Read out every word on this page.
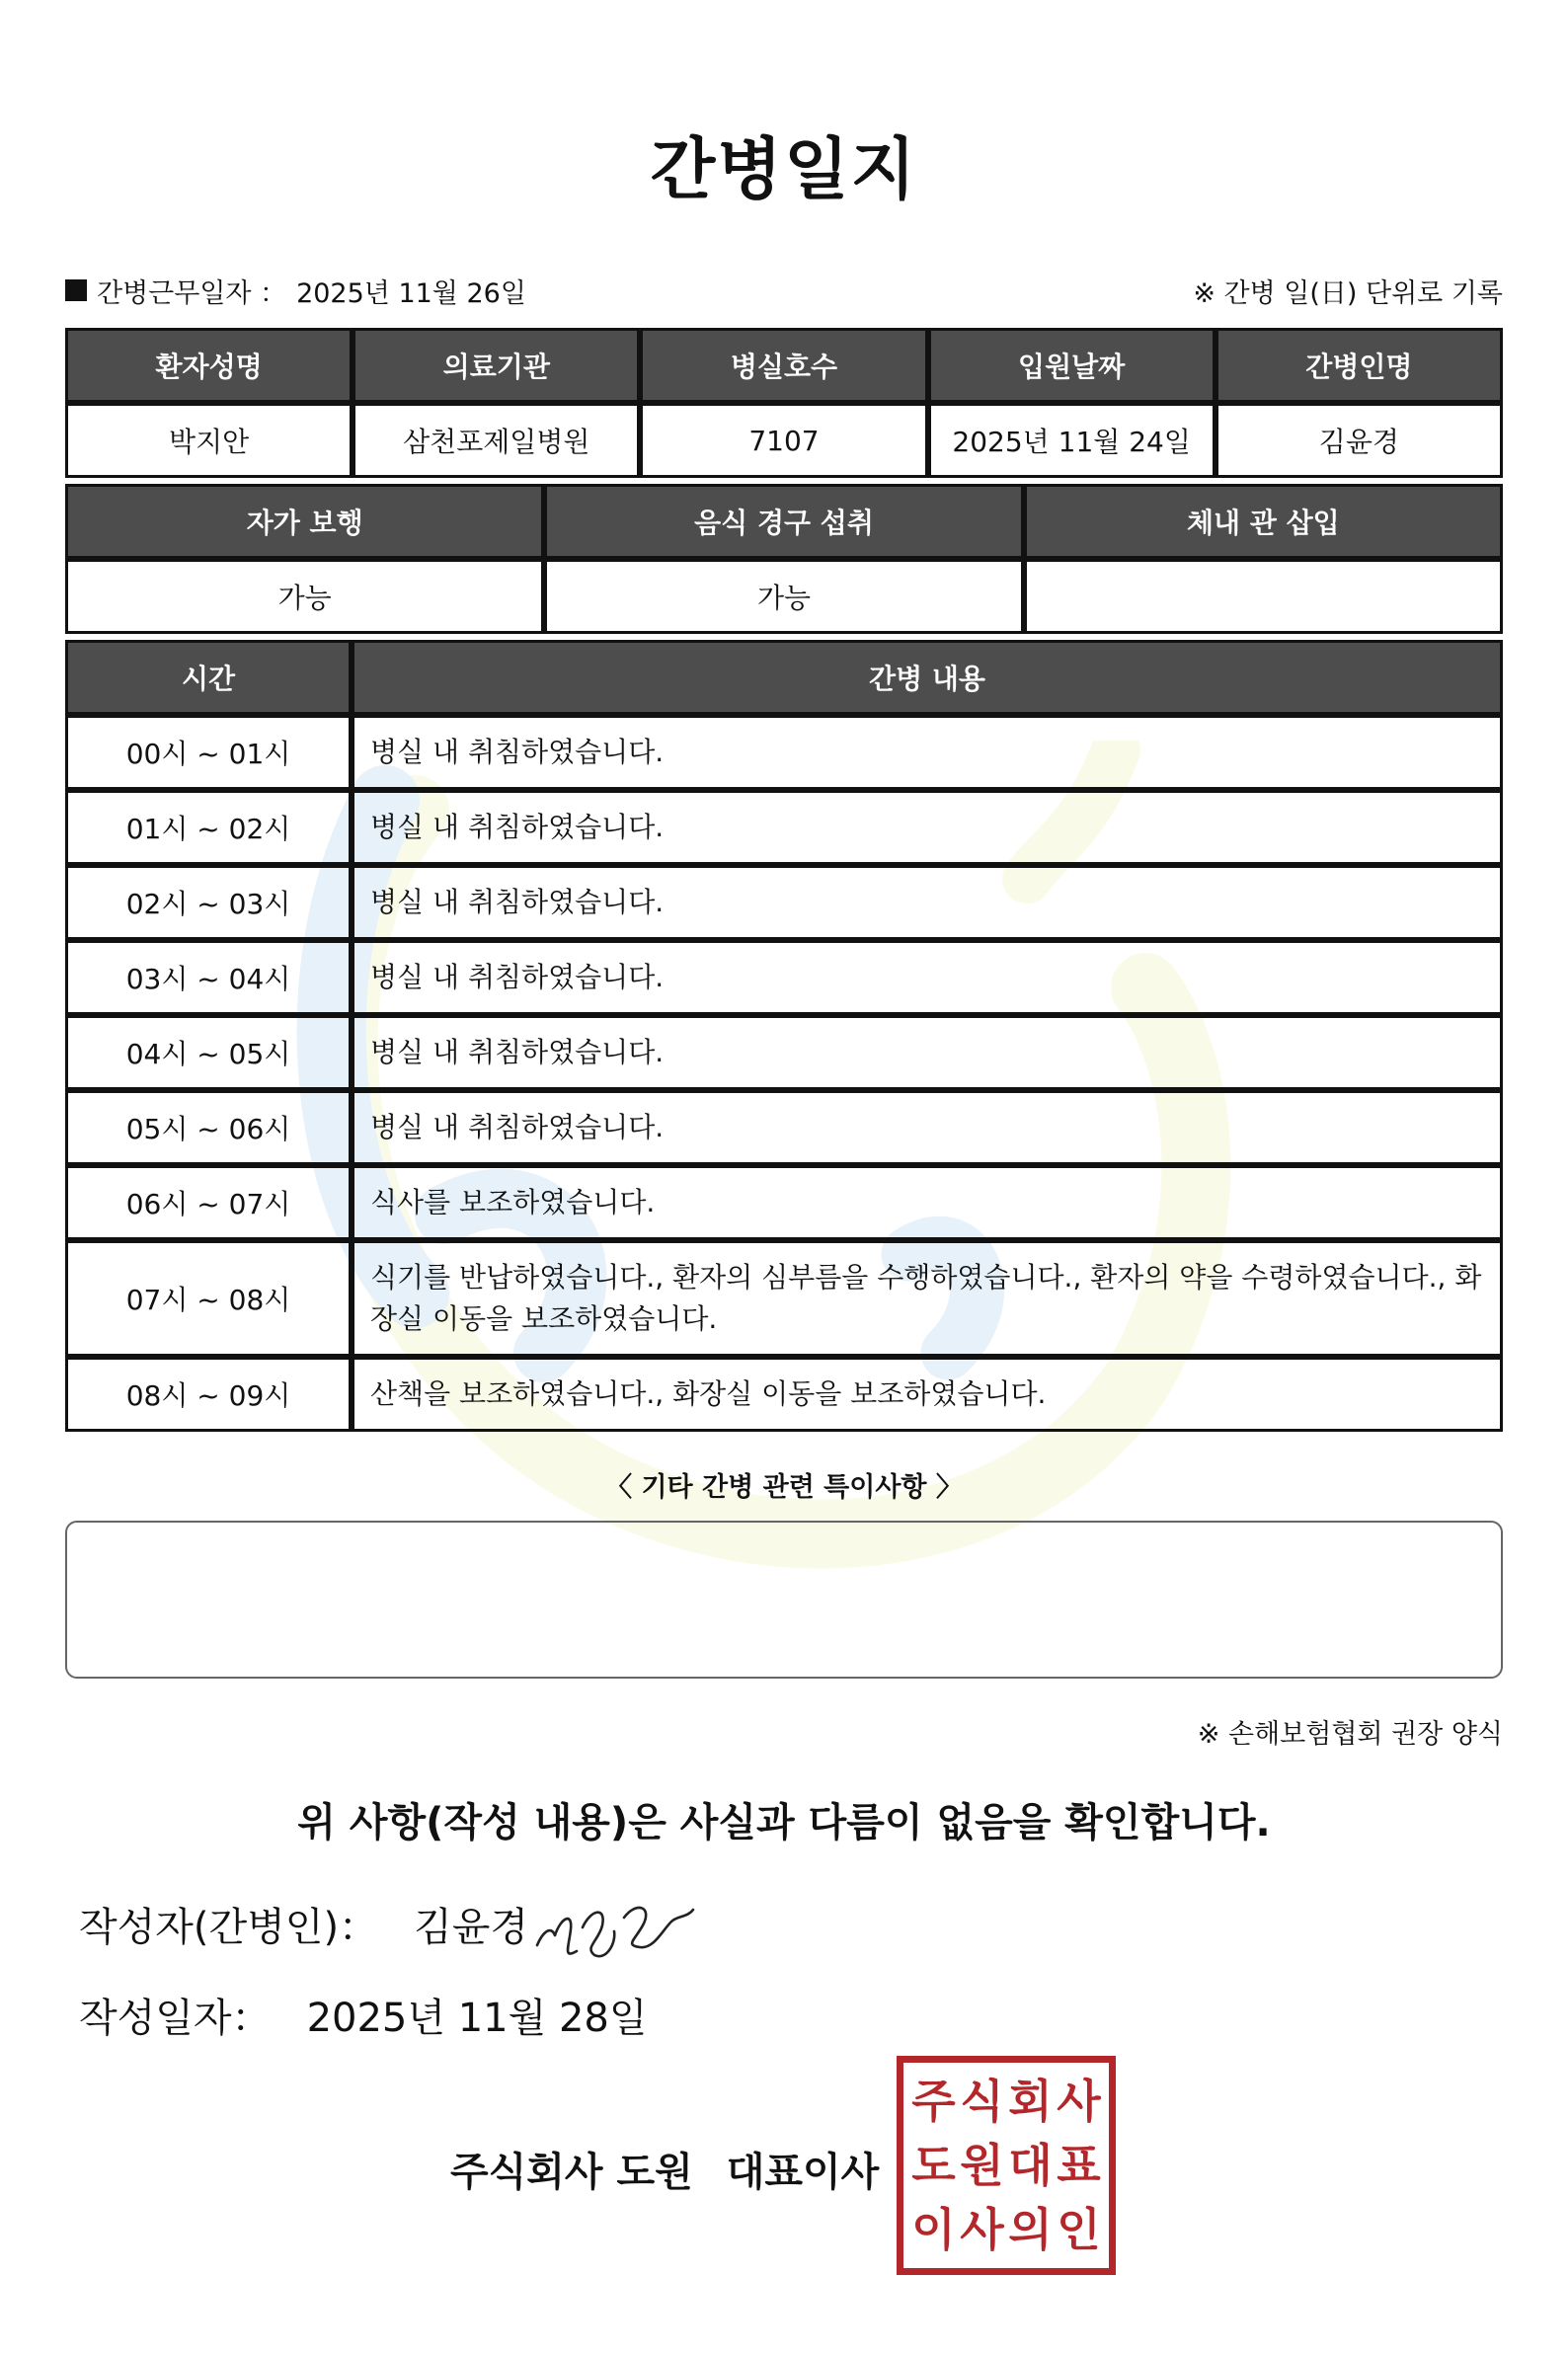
간병일지
간병근무일자 ： 2025년 11월 26일	※ 간병 일(日) 단위로 기록
환자성명	의료기관	병실호수	입원날짜	간병인명
박지안	삼천포제일병원	7107	2025년 11월 24일	김윤경
자가 보행	음식 경구 섭취	체내 관 삽입
가능	가능	
시간	간병 내용
00시 ~ 01시	병실 내 취침하였습니다.
01시 ~ 02시	병실 내 취침하였습니다.
02시 ~ 03시	병실 내 취침하였습니다.
03시 ~ 04시	병실 내 취침하였습니다.
04시 ~ 05시	병실 내 취침하였습니다.
05시 ~ 06시	병실 내 취침하였습니다.
06시 ~ 07시	식사를 보조하였습니다.
07시 ~ 08시	식기를 반납하였습니다., 환자의 심부름을 수행하였습니다., 환자의 약을 수령하였습니다., 화장실 이동을 보조하였습니다.
08시 ~ 09시	산책을 보조하였습니다., 화장실 이동을 보조하였습니다.
〈 기타 간병 관련 특이사항 〉
※ 손해보험협회 권장 양식
위 사항(작성 내용)은 사실과 다름이 없음을 확인합니다.
작성자(간병인)： 김윤경
작성일자： 2025년 11월 28일
주식회사 도원 대표이사
주 식 회 사
도 원 대 표
이 사 의 인
